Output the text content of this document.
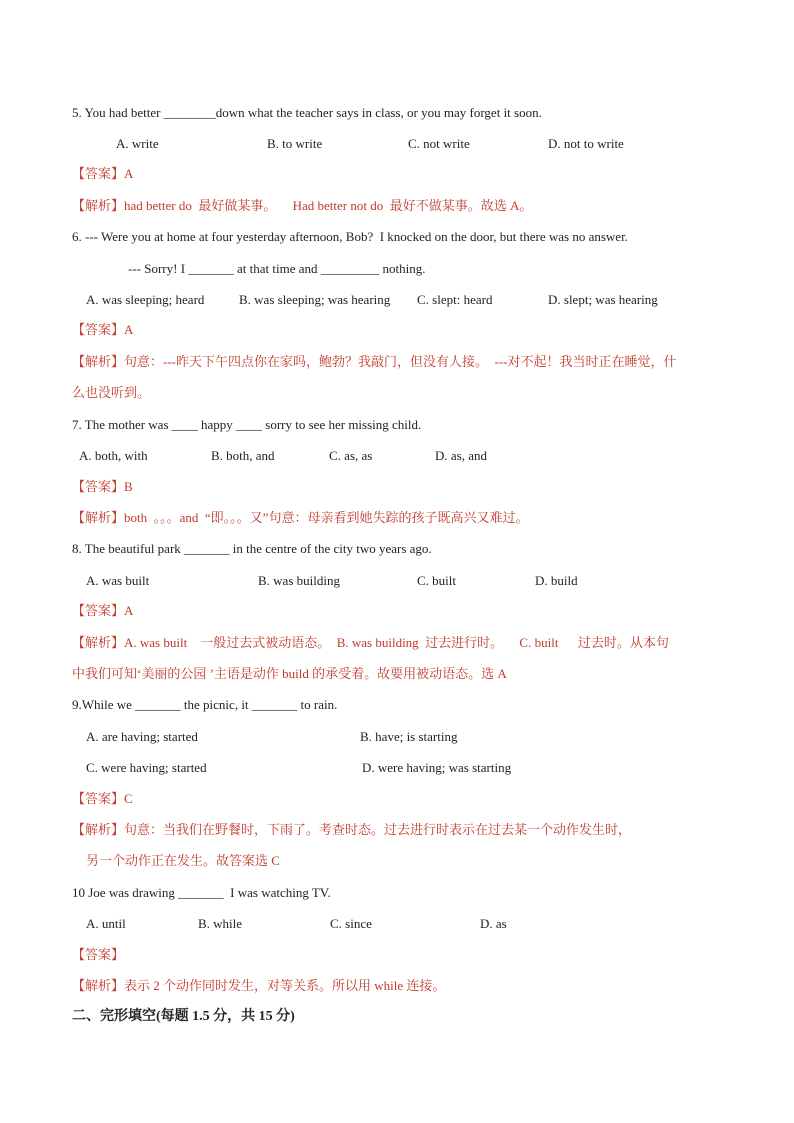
5. You had better ________down what the teacher says in class, or you may forget it soon.
A. write	B. to write	C. not write	D. not to write
【答案】A
【解析】had better do  最好做某事。     Had better not do  最好不做某事。故选 A。
6. --- Were you at home at four yesterday afternoon, Bob?  I knocked on the door, but there was no answer.
--- Sorry! I _______ at that time and _________ nothing.
A. was sleeping; heard	B. was sleeping; was hearing C. slept: heard	D. slept; was hearing
【答案】A
【解析】句意：---昨天下午四点你在家吗，鲍勃？我敲门，但没有人接。  ---对不起！我当时正在睡觉，什
么也没听到。
7. The mother was ____ happy ____ sorry to see her missing child.
A. both, with	B. both, and	C. as, as	D. as, and
【答案】B
【解析】both  。。。and  “即。。。又”句意：母亲看到她失踪的孩子既高兴又难过。
8. The beautiful park _______ in the centre of the city two years ago.
A. was built	B. was building	C. built	D. build
【答案】A
【解析】A. was built    一般过去式被动语态。  B. was building  过去进行时。     C. built      过去时。从本句
中我们可知‘美丽的公园 ’主语是动作 build 的承受着。故要用被动语态。选 A
9.While we _______ the picnic, it _______ to rain.
A. are having; started	B. have; is starting
C. were having; started	D. were having; was starting
【答案】C
【解析】句意：当我们在野餐时，下雨了。考查时态。过去进行时表示在过去某一个动作发生时，
另一个动作正在发生。故答案选 C
10 Joe was drawing _______  I was watching TV.
A. until	B. while	C. since	D. as
【答案】
【解析】表示 2 个动作同时发生，对等关系。所以用 while 连接。
二、完形填空(每题 1.5 分，共 15 分)
